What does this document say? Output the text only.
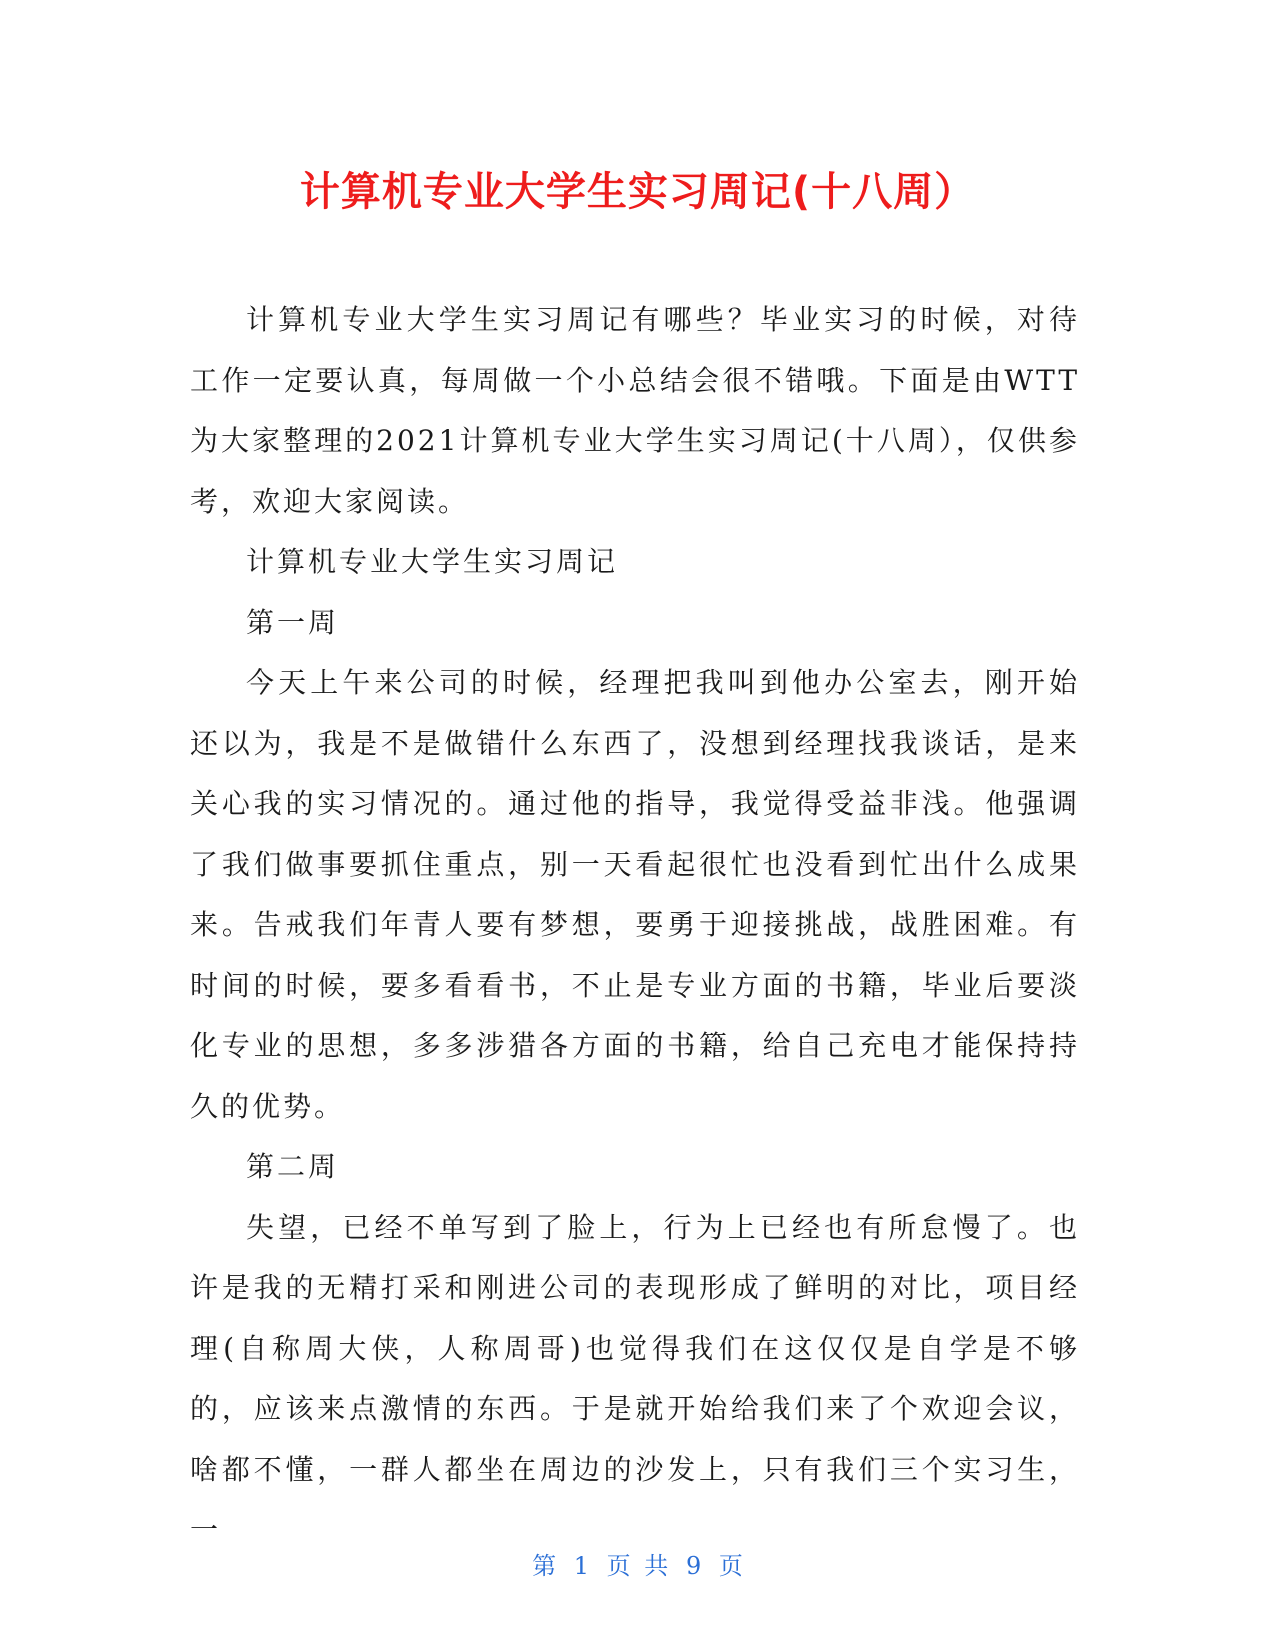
计算机专业大学生实习周记(十八周）

计算机专业大学生实习周记有哪些？毕业实习的时候，对待工作一定要认真，每周做一个小总结会很不错哦。下面是由WTT为大家整理的2021计算机专业大学生实习周记(十八周），仅供参考，欢迎大家阅读。

计算机专业大学生实习周记

第一周

今天上午来公司的时候，经理把我叫到他办公室去，刚开始还以为，我是不是做错什么东西了，没想到经理找我谈话，是来关心我的实习情况的。通过他的指导，我觉得受益非浅。他强调了我们做事要抓住重点，别一天看起很忙也没看到忙出什么成果来。告戒我们年青人要有梦想，要勇于迎接挑战，战胜困难。有时间的时候，要多看看书，不止是专业方面的书籍，毕业后要淡化专业的思想，多多涉猎各方面的书籍，给自己充电才能保持持久的优势。

第二周

失望，已经不单写到了脸上，行为上已经也有所怠慢了。也许是我的无精打采和刚进公司的表现形成了鲜明的对比，项目经理(自称周大侠，人称周哥)也觉得我们在这仅仅是自学是不够的，应该来点激情的东西。于是就开始给我们来了个欢迎会议，啥都不懂，一群人都坐在周边的沙发上，只有我们三个实习生，一

第 1 页 共 9 页
